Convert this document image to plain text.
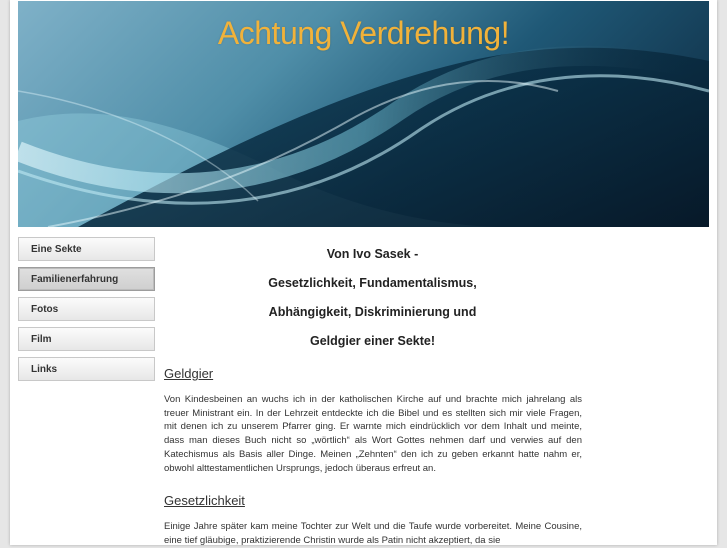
Achtung Verdrehung!
Eine Sekte
Familienerfahrung
Fotos
Film
Links

Von Ivo Sasek -

Gesetzlichkeit, Fundamentalismus,

Abhängigkeit, Diskriminierung und

Geldgier einer Sekte!

Geldgier

Von Kindesbeinen an wuchs ich in der katholischen Kirche auf und brachte mich jahrelang als treuer Ministrant ein. In der Lehrzeit entdeckte ich die Bibel und es stellten sich mir viele Fragen, mit denen ich zu unserem Pfarrer ging. Er warnte mich eindrücklich vor dem Inhalt und meinte, dass man dieses Buch nicht so „wörtlich“ als Wort Gottes nehmen darf und verwies auf den Katechismus als Basis aller Dinge. Meinen „Zehnten“ den ich zu geben erkannt hatte nahm er, obwohl alttestamentlichen Ursprungs, jedoch überaus erfreut an.

Gesetzlichkeit

Einige Jahre später kam meine Tochter zur Welt und die Taufe wurde vorbereitet. Meine Cousine, eine tief gläubige, praktizierende Christin wurde als Patin nicht akzeptiert, da sie
